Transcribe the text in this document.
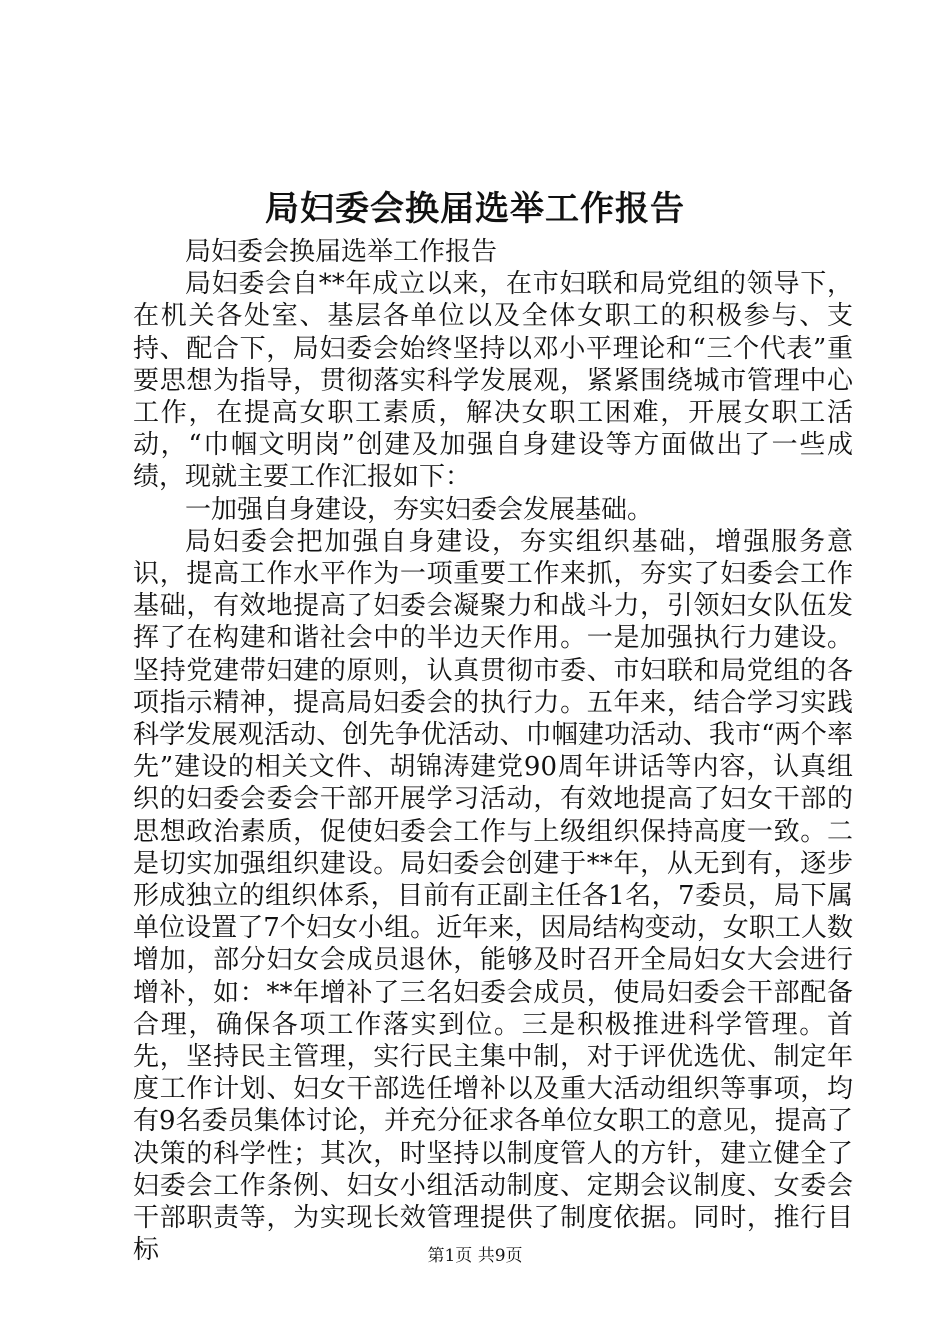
局妇委会换届选举工作报告

局妇委会换届选举工作报告

局妇委会自**年成立以来，在市妇联和局党组的领导下，在机关各处室、基层各单位以及全体女职工的积极参与、支持、配合下，局妇委会始终坚持以邓小平理论和“三个代表”重要思想为指导，贯彻落实科学发展观，紧紧围绕城市管理中心工作，在提高女职工素质，解决女职工困难，开展女职工活动，“巾帼文明岗”创建及加强自身建设等方面做出了一些成绩，现就主要工作汇报如下：

一加强自身建设，夯实妇委会发展基础。

局妇委会把加强自身建设，夯实组织基础，增强服务意识，提高工作水平作为一项重要工作来抓，夯实了妇委会工作基础，有效地提高了妇委会凝聚力和战斗力，引领妇女队伍发挥了在构建和谐社会中的半边天作用。一是加强执行力建设。坚持党建带妇建的原则，认真贯彻市委、市妇联和局党组的各项指示精神，提高局妇委会的执行力。五年来，结合学习实践科学发展观活动、创先争优活动、巾帼建功活动、我市“两个率先”建设的相关文件、胡锦涛建党90周年讲话等内容，认真组织的妇委会委会干部开展学习活动，有效地提高了妇女干部的思想政治素质，促使妇委会工作与上级组织保持高度一致。二是切实加强组织建设。局妇委会创建于**年，从无到有，逐步形成独立的组织体系，目前有正副主任各1名，7委员，局下属单位设置了7个妇女小组。近年来，因局结构变动，女职工人数增加，部分妇女会成员退休，能够及时召开全局妇女大会进行增补，如：**年增补了三名妇委会成员，使局妇委会干部配备合理，确保各项工作落实到位。三是积极推进科学管理。首先，坚持民主管理，实行民主集中制，对于评优选优、制定年度工作计划、妇女干部选任增补以及重大活动组织等事项，均有9名委员集体讨论，并充分征求各单位女职工的意见，提高了决策的科学性；其次，时坚持以制度管人的方针，建立健全了妇委会工作条例、妇女小组活动制度、定期会议制度、女委会干部职责等，为实现长效管理提供了制度依据。同时，推行目标	第1页 共9页
